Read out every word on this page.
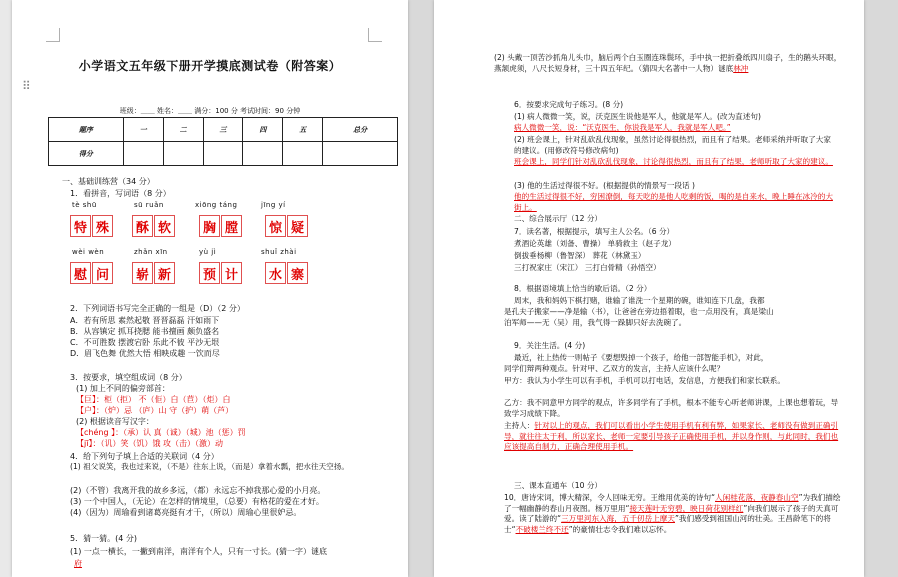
小学语文五年级下册开学摸底测试卷（附答案）
班级：＿＿ 姓名：＿＿ 满分：100 分 考试时间：90 分钟
题序	一	二	三	四	五	总分
得分						
一、基础训练营（34 分）
1．看拼音，写词语（8 分）
tè shū	sū ruǎn	xiōng táng	jīng yí
特 殊	酥 软	胸 膛	惊 疑
wèi wèn	zhǎn xīn	yù jì	shuǐ zhài
慰 问	崭 新	预 计	水 寨
2．下列词语书写完全正确的一组是（D）（2 分）
A．若有所思 素然起敬 晋晋磊磊 汗如雨下
B．从容镇定 抓耳挠腮 能书擅画 颇负盛名
C．不可胜数 摆渡宕卧 乐此不彼 平沙无垠
D．眉飞色舞 优然大悟 相映成趣 一饮而尽
3．按要求，填空组成词（8 分）
(1) 加上不同的偏旁部首：
【巨】：柜（拒） 不（佢）白（苣）（炬）白
【户】：（炉）忌 （庐）山 守（护）萌（芦）
(2) 根据读音写汉字：
【chéng 】：（承）认 真（诚）（城）池（惩）罚
【jī】：（讥）笑（饥）饿 攻（击）（激）动
4．给下列句子填上合适的关联词（4 分）
(1) 祖父说笑，我也过来说，（不是）往东上说，（而是）拿着水瓢，把水往天空扬。
(2)（不管）我离开我的故乡多远，（都）永远忘不掉我那心爱的小月亮。
(3) 一个中国人，（无论）在怎样的情境里，（总要）有格花的爱在才好。
(4)（因为）周瑜看到诸葛亮挺有才干，（所以）周瑜心里很妒忌。
5．猜一猜。(4 分)
(1) 一点一横长，一撇到南洋，南洋有个人，只有一寸长。(猜一字）谜底
府
⠿
(2) 头戴一顶苦沙抓角儿头巾，脑后两个白玉圈连珠鬓环，手中执一把折叠纸四川扇子，生的鹅头环眼，燕颔虎须，八尺长短身材，三十四五年纪。（猜四大名著中一人物）谜底林冲
6．按要求完成句子练习。(8 分)
(1) 病人微微一笑，说，沃克医生说他是军人，他就是军人。(改为直述句)
病人微微一笑，说：“沃克医生，你说我是军人，我就是军人吧。”
(2) 班会课上，针对乱砍乱伐现象，虽然讨论得很热烈，而且有了结果。老师采纳并听取了大家的建议。(用修改符号修改病句)
班会课上，同学们针对乱砍乱伐现象，讨论得很热烈，而且有了结果，老师听取了大家的建议。
(3) 他的生活过得很不好。(根据提供的情景写一段话 )
他的生活过得很不好，穷困潦倒，每天吃的是他人吃剩的饭，喝的是自来水，晚上睡在冰冷的大街上。
二、综合展示厅（12 分）
7．读名著，根据提示，填写主人公名。（6 分）
煮酒论英雄（刘备、曹操） 单骑救主（赵子龙）
倒拔垂杨柳（鲁智深） 葬花（林黛玉）
三打祝家庄（宋江） 三打白骨精（孙悟空）
8．根据语境填上恰当的歇后语。（2 分）
周末，我和妈妈下棋打赌，谁输了谁洗一个星期的碗，谁知连下几盘，我都
是孔夫子搬家——净是输（书），让爸爸在旁边捂着眼，也一点用没有，真是梁山
泊军师——无（吴）用，我气得一跺脚只好去洗碗了。
9．关注生活。(4 分)
最近，社上热传一则帖子《要想毁掉一个孩子，给他一部智能手机》，对此，
同学们辩两种观点。针对甲、乙双方的发言，主持人应该什么呢？
甲方：我认为小学生可以有手机，手机可以打电话，发信息，方便我们和家长联系。
乙方：我不同意甲方同学的观点，许多同学有了手机，根本不能专心听老师讲课，上课也想着玩，导致学习成绩下降。
主持人：针对以上的观点，我们可以看出小学生使用手机有利有弊，如果家长、老师没有做到正确引导，就往往太于利，所以家长、老师一定要引导孩子正确使用手机，并以身作则，与此同时，我们也应该提高自制力，正确合理使用手机。
三、课本直通车（10 分）
10．唐诗宋词，博大精深，令人回味无穷。王维用优美的诗句“人闲桂花落，夜静春山空”为我们描绘了一幅幽静的春山月夜图。杨万里用“接天莲叶无穷碧，映日荷花别样红”向我们展示了孩子的天真可爱。读了陆游的“三万里河东入海，五千仞岳上摩天”我们感受到祖国山河的壮美。王昌龄笔下的将士“不破楼兰终不还”的豪情壮志令我们难以忘怀。
